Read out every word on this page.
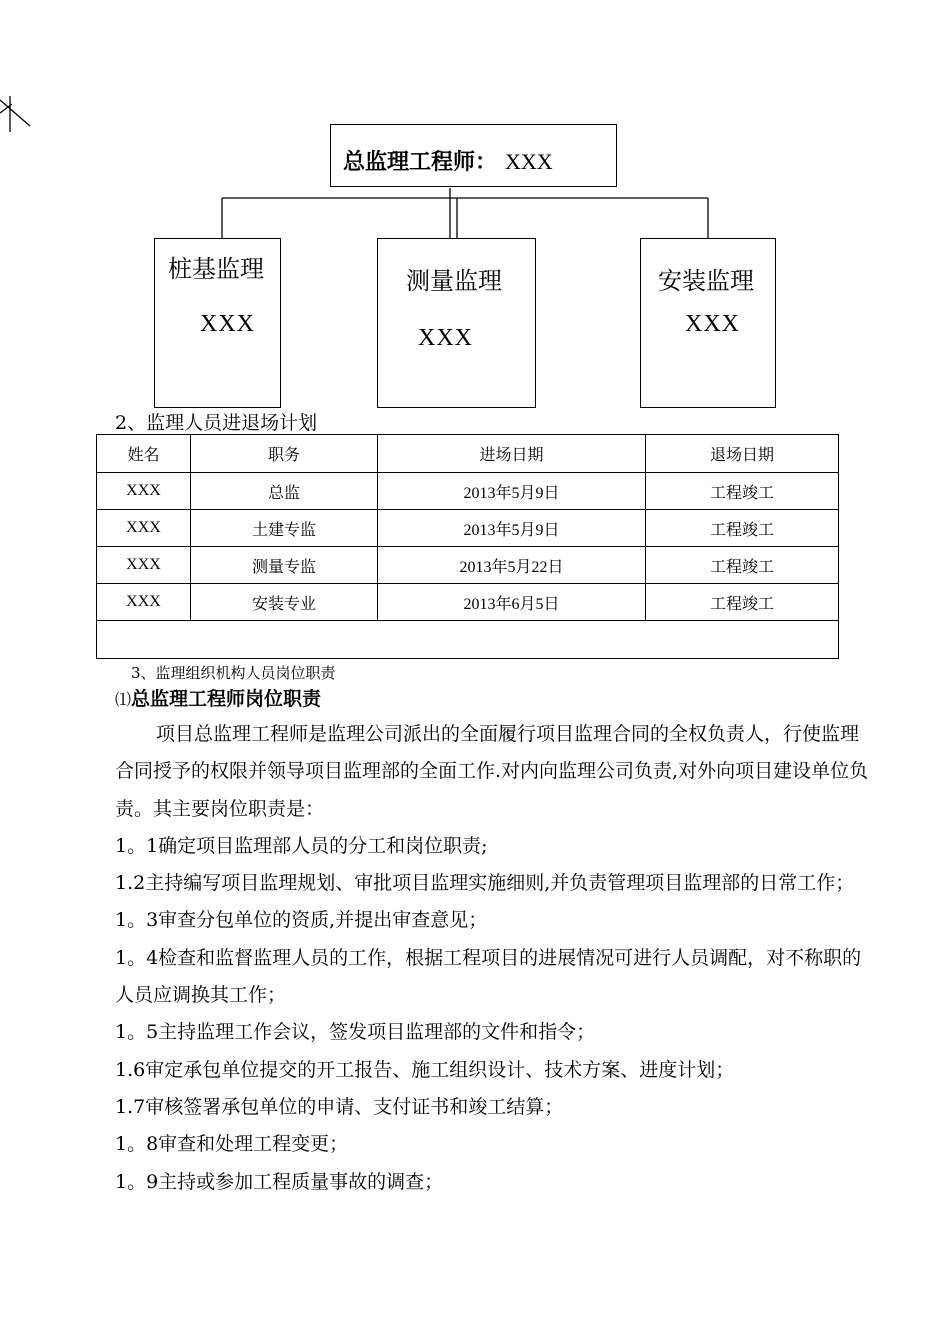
总监理工程师： XXX
桩基监理
XXX
测量监理
XXX
安装监理
XXX
2、监理人员进退场计划
姓名	职务	进场日期	退场日期
XXX	总监	2013年5月9日	工程竣工
XXX	土建专监	2013年5月9日	工程竣工
XXX	测量专监	2013年5月22日	工程竣工
XXX	安装专业	2013年6月5日	工程竣工

3、监理组织机构人员岗位职责
⑴总监理工程师岗位职责

项目总监理工程师是监理公司派出的全面履行项目监理合同的全权负责人，行使监理合同授予的权限并领导项目监理部的全面工作.对内向监理公司负责,对外向项目建设单位负责。其主要岗位职责是：

1。1确定项目监理部人员的分工和岗位职责;

1.2主持编写项目监理规划、审批项目监理实施细则,并负责管理项目监理部的日常工作；

1。3审查分包单位的资质,并提出审查意见；

1。4检查和监督监理人员的工作，根据工程项目的进展情况可进行人员调配，对不称职的人员应调换其工作；

1。5主持监理工作会议，签发项目监理部的文件和指令；

1.6审定承包单位提交的开工报告、施工组织设计、技术方案、进度计划；

1.7审核签署承包单位的申请、支付证书和竣工结算；

1。8审查和处理工程变更；

1。9主持或参加工程质量事故的调查；
